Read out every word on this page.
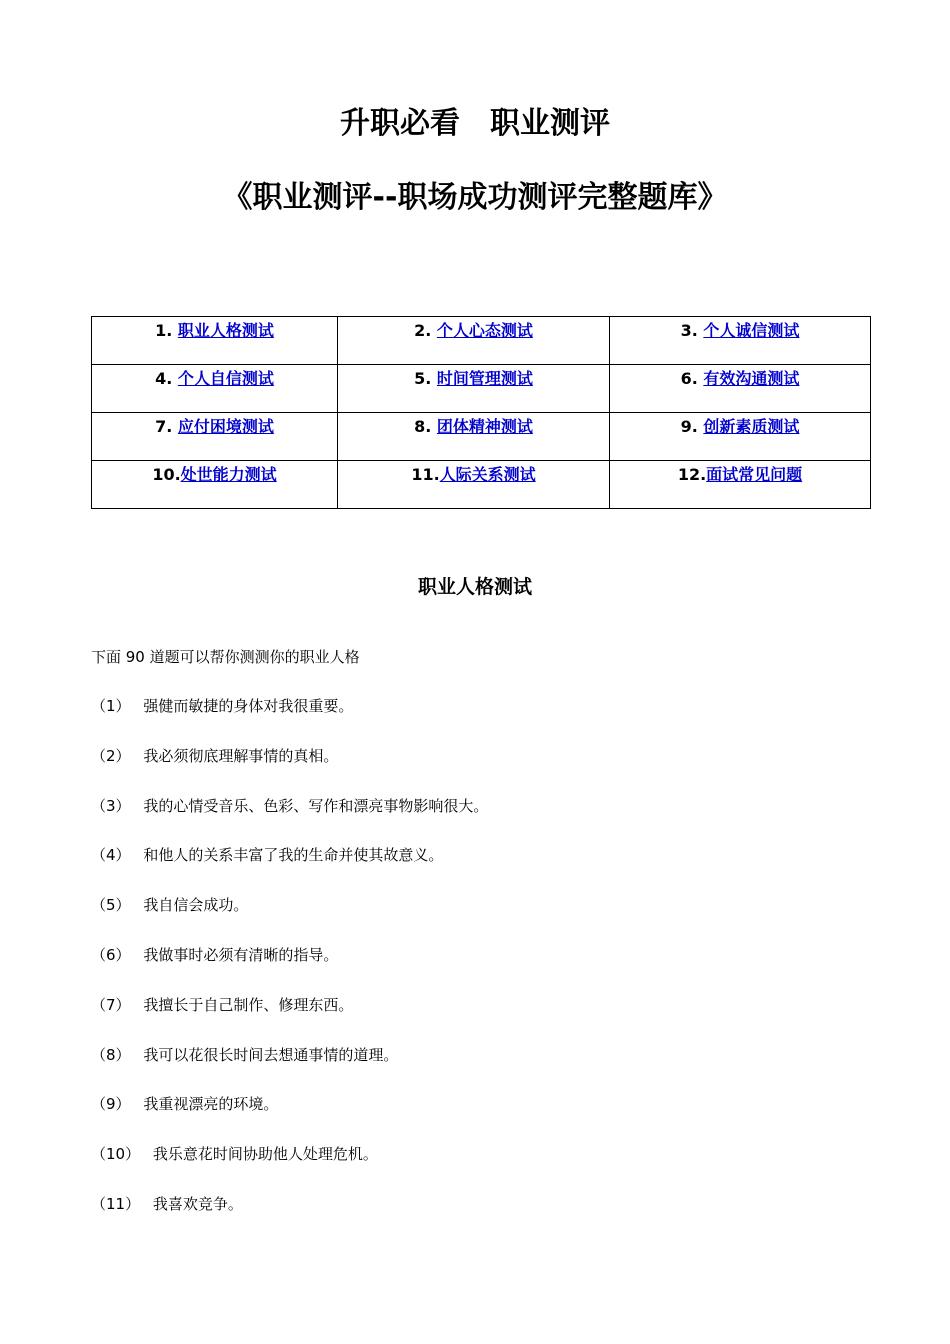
升职必看　职业测评
《职业测评--职场成功测评完整题库》
1. 职业人格测试	2. 个人心态测试	3. 个人诚信测试
4. 个人自信测试	5. 时间管理测试	6. 有效沟通测试
7. 应付困境测试	8. 团体精神测试	9. 创新素质测试
10.处世能力测试	11.人际关系测试	12.面试常见问题
职业人格测试
下面 90 道题可以帮你测测你的职业人格
（1） 强健而敏捷的身体对我很重要。
（2） 我必须彻底理解事情的真相。
（3） 我的心情受音乐、色彩、写作和漂亮事物影响很大。
（4） 和他人的关系丰富了我的生命并使其故意义。
（5） 我自信会成功。
（6） 我做事时必须有清晰的指导。
（7） 我擅长于自己制作、修理东西。
（8） 我可以花很长时间去想通事情的道理。
（9） 我重视漂亮的环境。
（10） 我乐意花时间协助他人处理危机。
（11） 我喜欢竞争。
